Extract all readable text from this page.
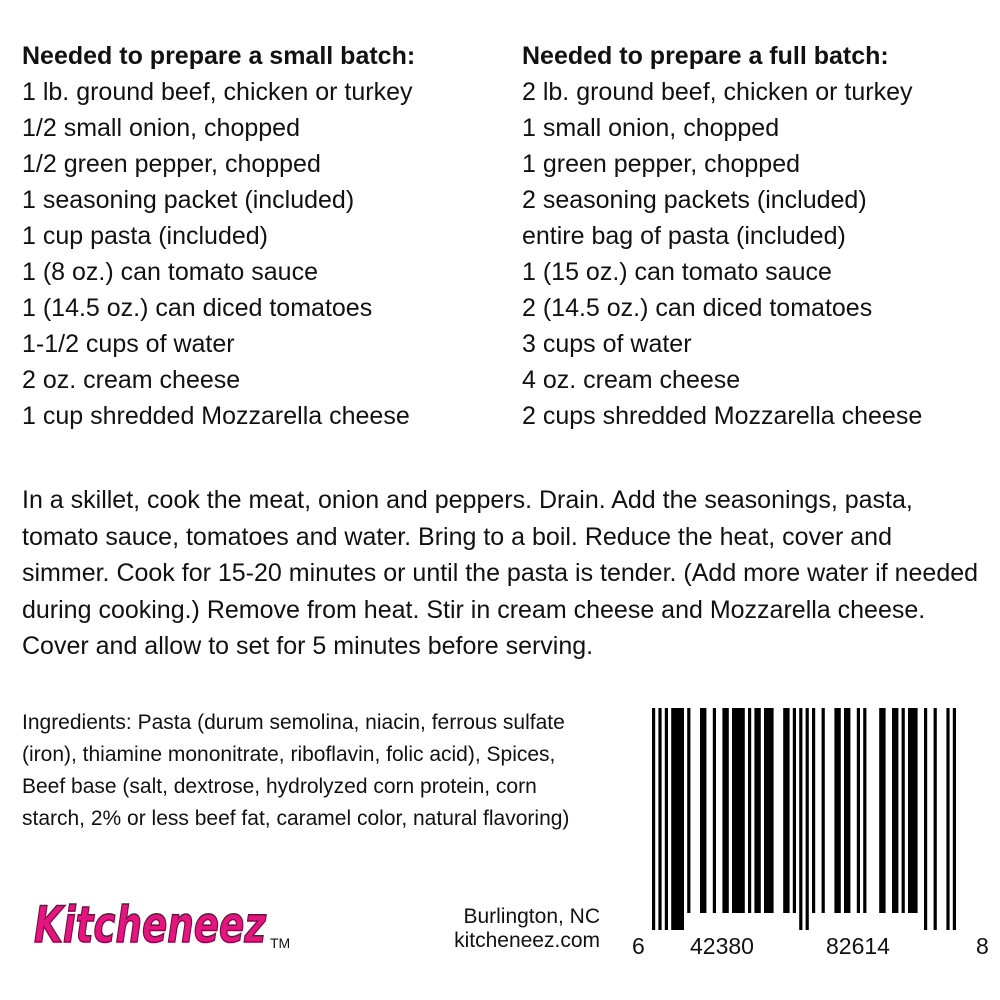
Needed to prepare a small batch:
1 lb. ground beef, chicken or turkey
1/2 small onion, chopped
1/2 green pepper, chopped
1 seasoning packet (included)
1 cup pasta (included)
1 (8 oz.) can tomato sauce
1 (14.5 oz.) can diced tomatoes
1-1/2 cups of water
2 oz. cream cheese
1 cup shredded Mozzarella cheese
Needed to prepare a full batch:
2 lb. ground beef, chicken or turkey
1 small onion, chopped
1 green pepper, chopped
2 seasoning packets (included)
entire bag of pasta (included)
1 (15 oz.) can tomato sauce
2 (14.5 oz.) can diced tomatoes
3 cups of water
4 oz. cream cheese
2 cups shredded Mozzarella cheese

In a skillet, cook the meat, onion and peppers. Drain. Add the seasonings, pasta, tomato sauce, tomatoes and water. Bring to a boil. Reduce the heat, cover and simmer. Cook for 15-20 minutes or until the pasta is tender. (Add more water if needed during cooking.) Remove from heat. Stir in cream cheese and Mozzarella cheese. Cover and allow to set for 5 minutes before serving.

Ingredients: Pasta (durum semolina, niacin, ferrous sulfate (iron), thiamine mononitrate, riboflavin, folic acid), Spices, Beef base (salt, dextrose, hydrolyzed corn protein, corn starch, 2% or less beef fat, caramel color, natural flavoring)

Kitcheneez TM
Burlington, NC
kitcheneez.com 6 42380	82614	8
